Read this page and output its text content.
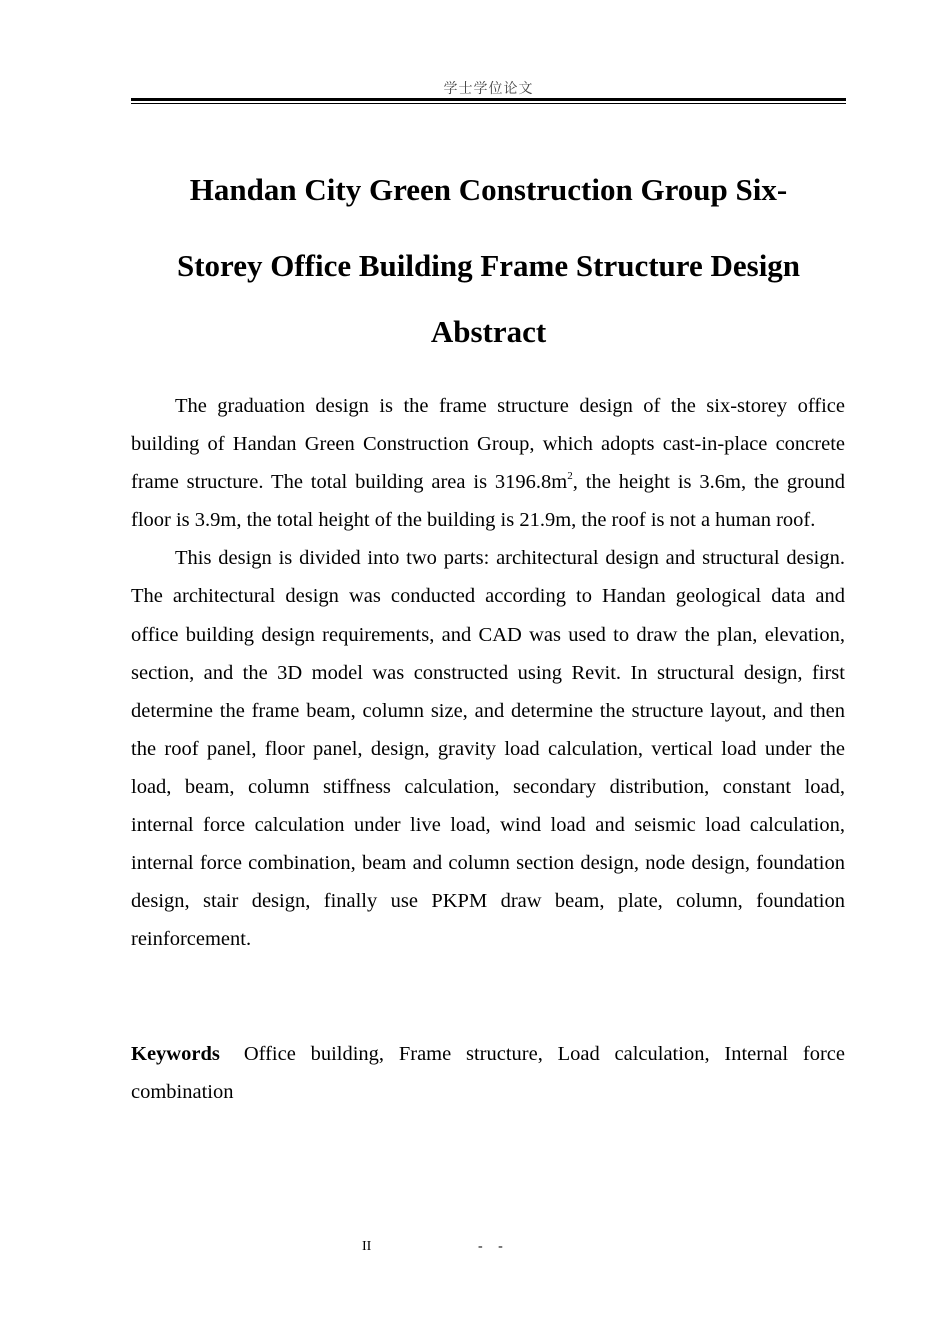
学士学位论文
Handan City Green Construction Group Six-
Storey Office Building Frame Structure Design
Abstract

The graduation design is the frame structure design of the six-storey office building of Handan Green Construction Group, which adopts cast-in-place concrete frame structure. The total building area is $3196.8m^2$, the height is 3.6m, the ground floor is 3.9m, the total height of the building is 21.9m, the roof is not a human roof.

This design is divided into two parts: architectural design and structural design. The architectural design was conducted according to Handan geological data and office building design requirements, and CAD was used to draw the plan, elevation, section, and the 3D model was constructed using Revit. In structural design, first determine the frame beam, column size, and determine the structure layout, and then the roof panel, floor panel, design, gravity load calculation, vertical load under the load, beam, column stiffness calculation, secondary distribution, constant load, internal force calculation under live load, wind load and seismic load calculation, internal force combination, beam and column section design, node design, foundation design, stair design, finally use PKPM draw beam, plate, column, foundation reinforcement.

Keywords Office building, Frame structure, Load calculation, Internal force combination
II	- -
